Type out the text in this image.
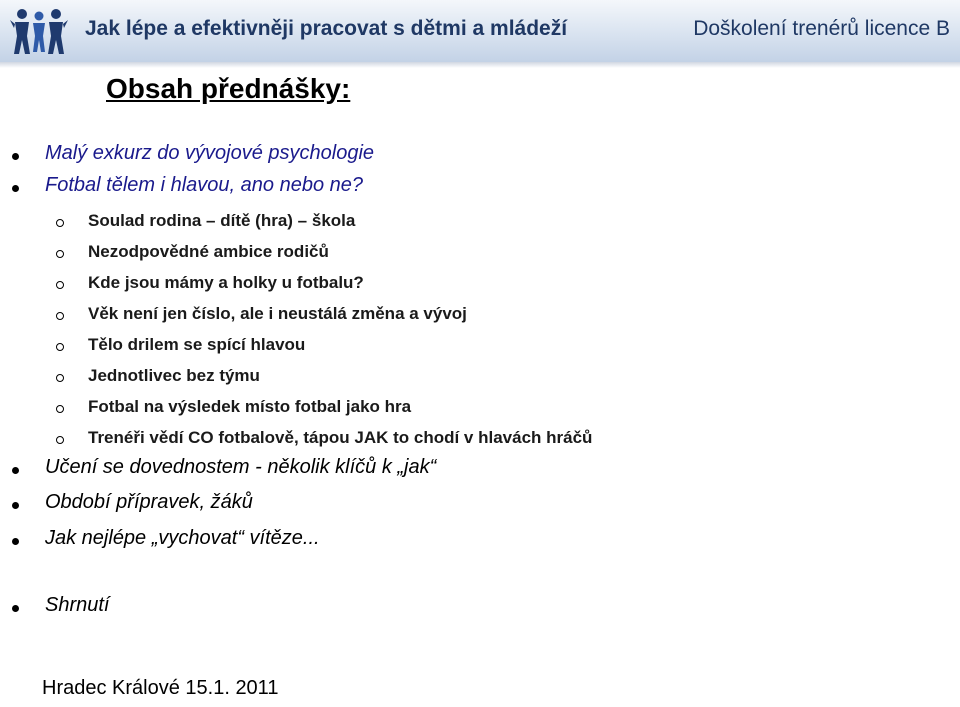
Jak lépe a efektivněji pracovat s dětmi a mládeží	Doškolení trenérů licence B
Obsah přednášky:
Malý exkurz do vývojové psychologie
Fotbal tělem i hlavou, ano nebo ne?
Soulad rodina – dítě (hra) – škola
Nezodpovědné ambice rodičů
Kde jsou mámy a holky u fotbalu?
Věk není jen číslo, ale i neustálá změna a vývoj
Tělo drilem se spící hlavou
Jednotlivec bez týmu
Fotbal na výsledek místo fotbal jako hra
Trenéři vědí CO fotbalově, tápou JAK to chodí v hlavách hráčů
Učení se dovednostem - několik klíčů k „jak“
Období přípravek, žáků
Jak nejlépe „vychovat“ vítěze...
Shrnutí
Hradec Králové 15.1. 2011
